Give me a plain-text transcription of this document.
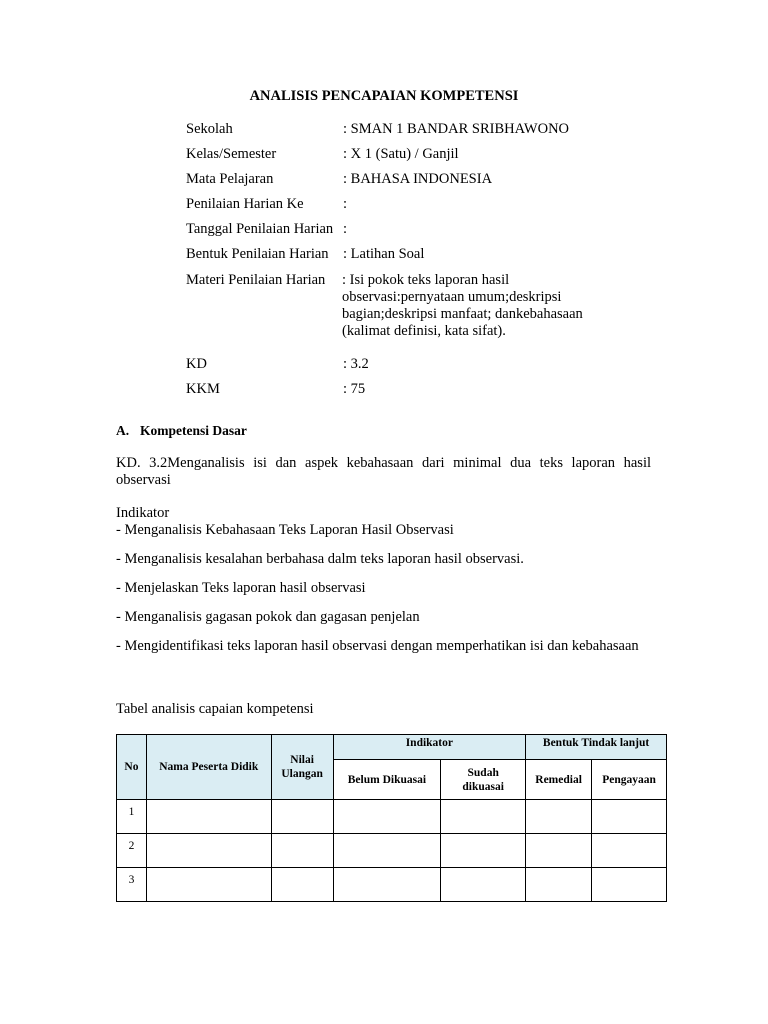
ANALISIS PENCAPAIAN KOMPETENSI
Sekolah	: SMAN 1 BANDAR SRIBHAWONO
Kelas/Semester	: X 1 (Satu) / Ganjil
Mata Pelajaran	: BAHASA INDONESIA
Penilaian Harian Ke	:
Tanggal Penilaian Harian :
Bentuk Penilaian Harian : Latihan Soal
Materi Penilaian Harian : Isi pokok teks laporan hasil observasi:pernyataan umum;deskripsi bagian;deskripsi manfaat; dankebahasaan (kalimat definisi, kata sifat).
KD	: 3.2
KKM	: 75
A. Kompetensi Dasar
KD. 3.2Menganalisis isi dan aspek kebahasaan dari minimal dua teks laporan hasil observasi
Indikator
- Menganalisis Kebahasaan Teks Laporan Hasil Observasi
- Menganalisis kesalahan berbahasa dalm teks laporan hasil observasi.
- Menjelaskan Teks laporan hasil observasi
- Menganalisis gagasan pokok dan gagasan penjelan
- Mengidentifikasi teks laporan hasil observasi dengan memperhatikan isi dan kebahasaan
Tabel analisis capaian kompetensi
No	Nama Peserta Didik	Nilai Ulangan	Indikator		Bentuk Tindak lanjut	
			Belum Dikuasai	Sudah dikuasai	Remedial	Pengayaan
1						
2						
3						
